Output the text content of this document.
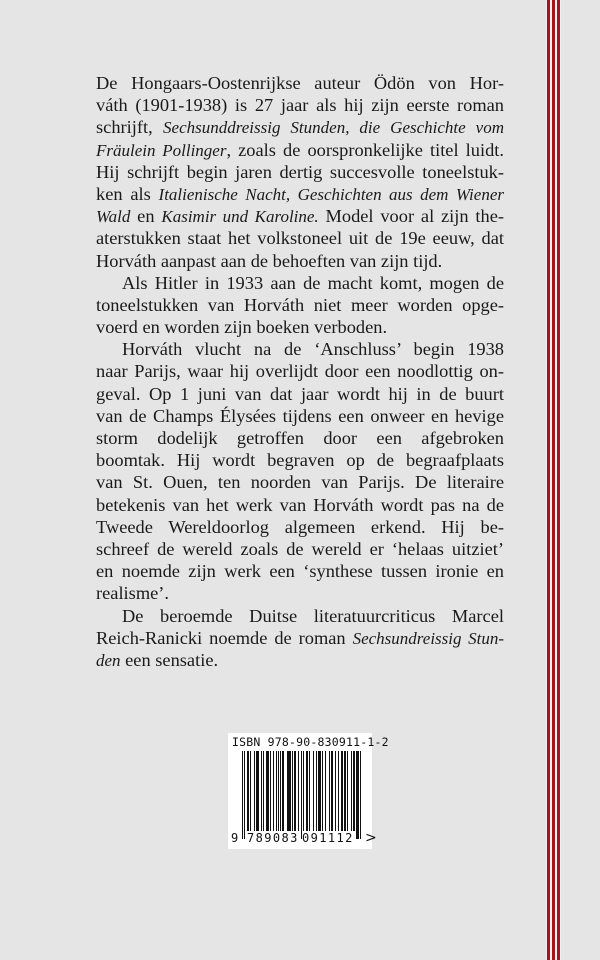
De Hongaars-Oostenrijkse auteur Ödön von Hor-
váth (1901-1938) is 27 jaar als hij zijn eerste roman
schrijft, Sechsunddreissig Stunden, die Geschichte vom
Fräulein Pollinger, zoals de oorspronkelijke titel luidt.
Hij schrijft begin jaren dertig succesvolle toneelstuk-
ken als Italienische Nacht, Geschichten aus dem Wiener
Wald en Kasimir und Karoline. Model voor al zijn the-
aterstukken staat het volkstoneel uit de 19e eeuw, dat
Horváth aanpast aan de behoeften van zijn tijd.
Als Hitler in 1933 aan de macht komt, mogen de
toneelstukken van Horváth niet meer worden opge-
voerd en worden zijn boeken verboden.
Horváth vlucht na de ‘Anschluss’ begin 1938
naar Parijs, waar hij overlijdt door een noodlottig on-
geval. Op 1 juni van dat jaar wordt hij in de buurt
van de Champs Élysées tijdens een onweer en hevige
storm dodelijk getroffen door een afgebroken
boomtak. Hij wordt begraven op de begraafplaats
van St. Ouen, ten noorden van Parijs. De literaire
betekenis van het werk van Horváth wordt pas na de
Tweede Wereldoorlog algemeen erkend. Hij be-
schreef de wereld zoals de wereld er ‘helaas uitziet’
en noemde zijn werk een ‘synthese tussen ironie en
realisme’.
De beroemde Duitse literatuurcriticus Marcel
Reich-Ranicki noemde de roman Sechsundreissig Stun-
den een sensatie.
ISBN 978-90-830911-1-2
9 789083 091112 >
